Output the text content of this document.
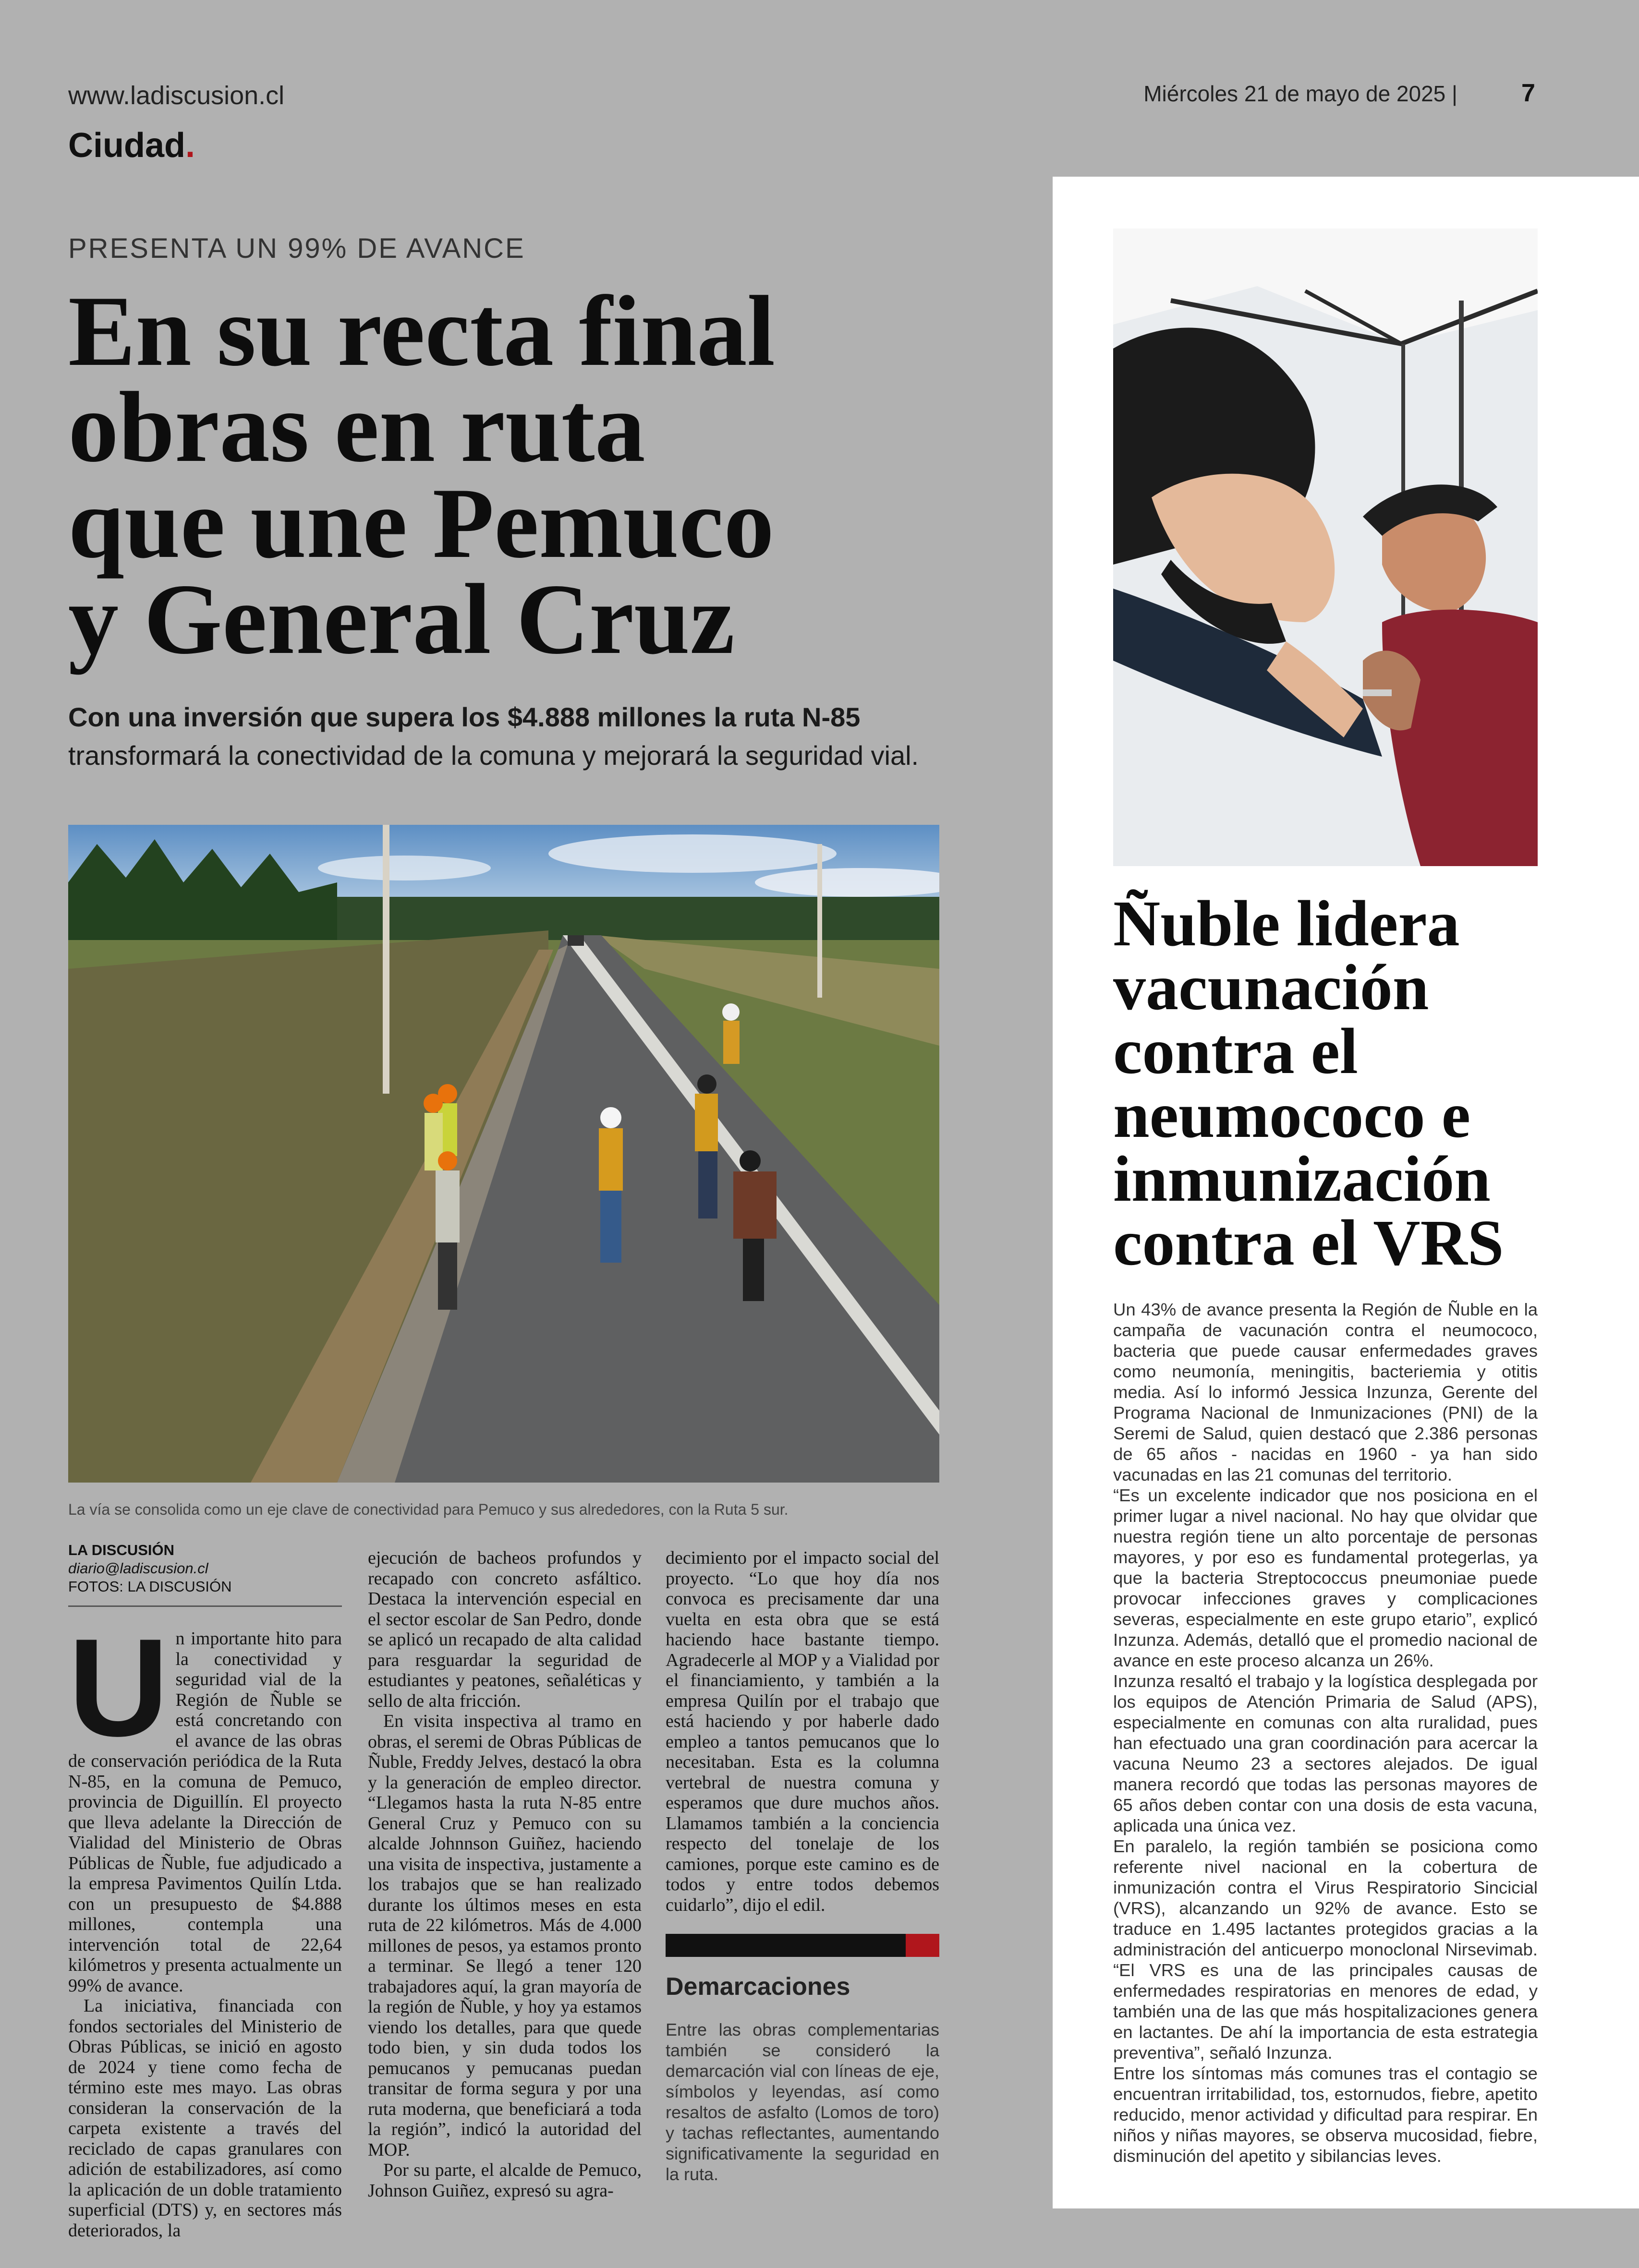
www.ladiscusion.cl
Ciudad.
Miércoles 21 de mayo de 2025 |	7
PRESENTA UN 99% DE AVANCE
En su recta final
obras en ruta
que une Pemuco
y General Cruz
Con una inversión que supera los $4.888 millones la ruta N-85
transformará la conectividad de la comuna y mejorará la seguridad vial.
La vía se consolida como un eje clave de conectividad para Pemuco y sus alrededores, con la Ruta 5 sur.
LA DISCUSIÓN
diario@ladiscusion.cl
FOTOS: LA DISCUSIÓN
U n importante hito para la conectividad y seguridad vial de la Región de Ñuble se está concretando con el avance de las obras de conservación periódica de la Ruta N-85, en la comuna de Pemuco, provincia de Diguillín. El proyecto que lleva adelante la Dirección de Vialidad del Ministerio de Obras Públicas de Ñuble, fue adjudicado a la empresa Pavimentos Quilín Ltda. con un presupuesto de $4.888 millones, contempla una intervención total de 22,64 kilómetros y presenta actualmente un 99% de avance.

La iniciativa, financiada con fondos sectoriales del Ministerio de Obras Públicas, se inició en agosto de 2024 y tiene como fecha de término este mes mayo. Las obras consideran la conservación de la carpeta existente a través del reciclado de capas granulares con adición de estabilizadores, así como la aplicación de un doble tratamiento superficial (DTS) y, en sectores más deteriorados, la

ejecución de bacheos profundos y recapado con concreto asfáltico. Destaca la intervención especial en el sector escolar de San Pedro, donde se aplicó un recapado de alta calidad para resguardar la seguridad de estudiantes y peatones, señaléticas y sello de alta fricción.

En visita inspectiva al tramo en obras, el seremi de Obras Públicas de Ñuble, Freddy Jelves, destacó la obra y la generación de empleo director. “Llegamos hasta la ruta N-85 entre General Cruz y Pemuco con su alcalde Johnnson Guiñez, haciendo una visita de inspectiva, justamente a los trabajos que se han realizado durante los últimos meses en esta ruta de 22 kilómetros. Más de 4.000 millones de pesos, ya estamos pronto a terminar. Se llegó a tener 120 trabajadores aquí, la gran mayoría de la región de Ñuble, y hoy ya estamos viendo los detalles, para que quede todo bien, y sin duda todos los pemucanos y pemucanas puedan transitar de forma segura y por una ruta moderna, que beneficiará a toda la región”, indicó la autoridad del MOP.

Por su parte, el alcalde de Pemuco, Johnson Guiñez, expresó su agra-

decimiento por el impacto social del proyecto. “Lo que hoy día nos convoca es precisamente dar una vuelta en esta obra que se está haciendo hace bastante tiempo. Agradecerle al MOP y a Vialidad por el financiamiento, y también a la empresa Quilín por el trabajo que está haciendo y por haberle dado empleo a tantos pemucanos que lo necesitaban. Esta es la columna vertebral de nuestra comuna y esperamos que dure muchos años. Llamamos también a la conciencia respecto del tonelaje de los camiones, porque este camino es de todos y entre todos debemos cuidarlo”, dijo el edil.

Demarcaciones
Entre las obras complementarias también se consideró la demarcación vial con líneas de eje, símbolos y leyendas, así como resaltos de asfalto (Lomos de toro) y tachas reflectantes, aumentando significativamente la seguridad en la ruta.
Ñuble lidera
vacunación
contra el
neumococo e
inmunización
contra el VRS

Un 43% de avance presenta la Región de Ñuble en la campaña de vacunación contra el neumococo, bacteria que puede causar enfermedades graves como neumonía, meningitis, bacteriemia y otitis media. Así lo informó Jessica Inzunza, Gerente del Programa Nacional de Inmunizaciones (PNI) de la Seremi de Salud, quien destacó que 2.386 personas de 65 años - nacidas en 1960 - ya han sido vacunadas en las 21 comunas del territorio.

“Es un excelente indicador que nos posiciona en el primer lugar a nivel nacional. No hay que olvidar que nuestra región tiene un alto porcentaje de personas mayores, y por eso es fundamental protegerlas, ya que la bacteria Streptococcus pneumoniae puede provocar infecciones graves y complicaciones severas, especialmente en este grupo etario”, explicó Inzunza. Además, detalló que el promedio nacional de avance en este proceso alcanza un 26%.

Inzunza resaltó el trabajo y la logística desplegada por los equipos de Atención Primaria de Salud (APS), especialmente en comunas con alta ruralidad, pues han efectuado una gran coordinación para acercar la vacuna Neumo 23 a sectores alejados. De igual manera recordó que todas las personas mayores de 65 años deben contar con una dosis de esta vacuna, aplicada una única vez.

En paralelo, la región también se posiciona como referente nivel nacional en la cobertura de inmunización contra el Virus Respiratorio Sincicial (VRS), alcanzando un 92% de avance. Esto se traduce en 1.495 lactantes protegidos gracias a la administración del anticuerpo monoclonal Nirsevimab. “El VRS es una de las principales causas de enfermedades respiratorias en menores de edad, y también una de las que más hospitalizaciones genera en lactantes. De ahí la importancia de esta estrategia preventiva”, señaló Inzunza.

Entre los síntomas más comunes tras el contagio se encuentran irritabilidad, tos, estornudos, fiebre, apetito reducido, menor actividad y dificultad para respirar. En niños y niñas mayores, se observa mucosidad, fiebre, disminución del apetito y sibilancias leves.
